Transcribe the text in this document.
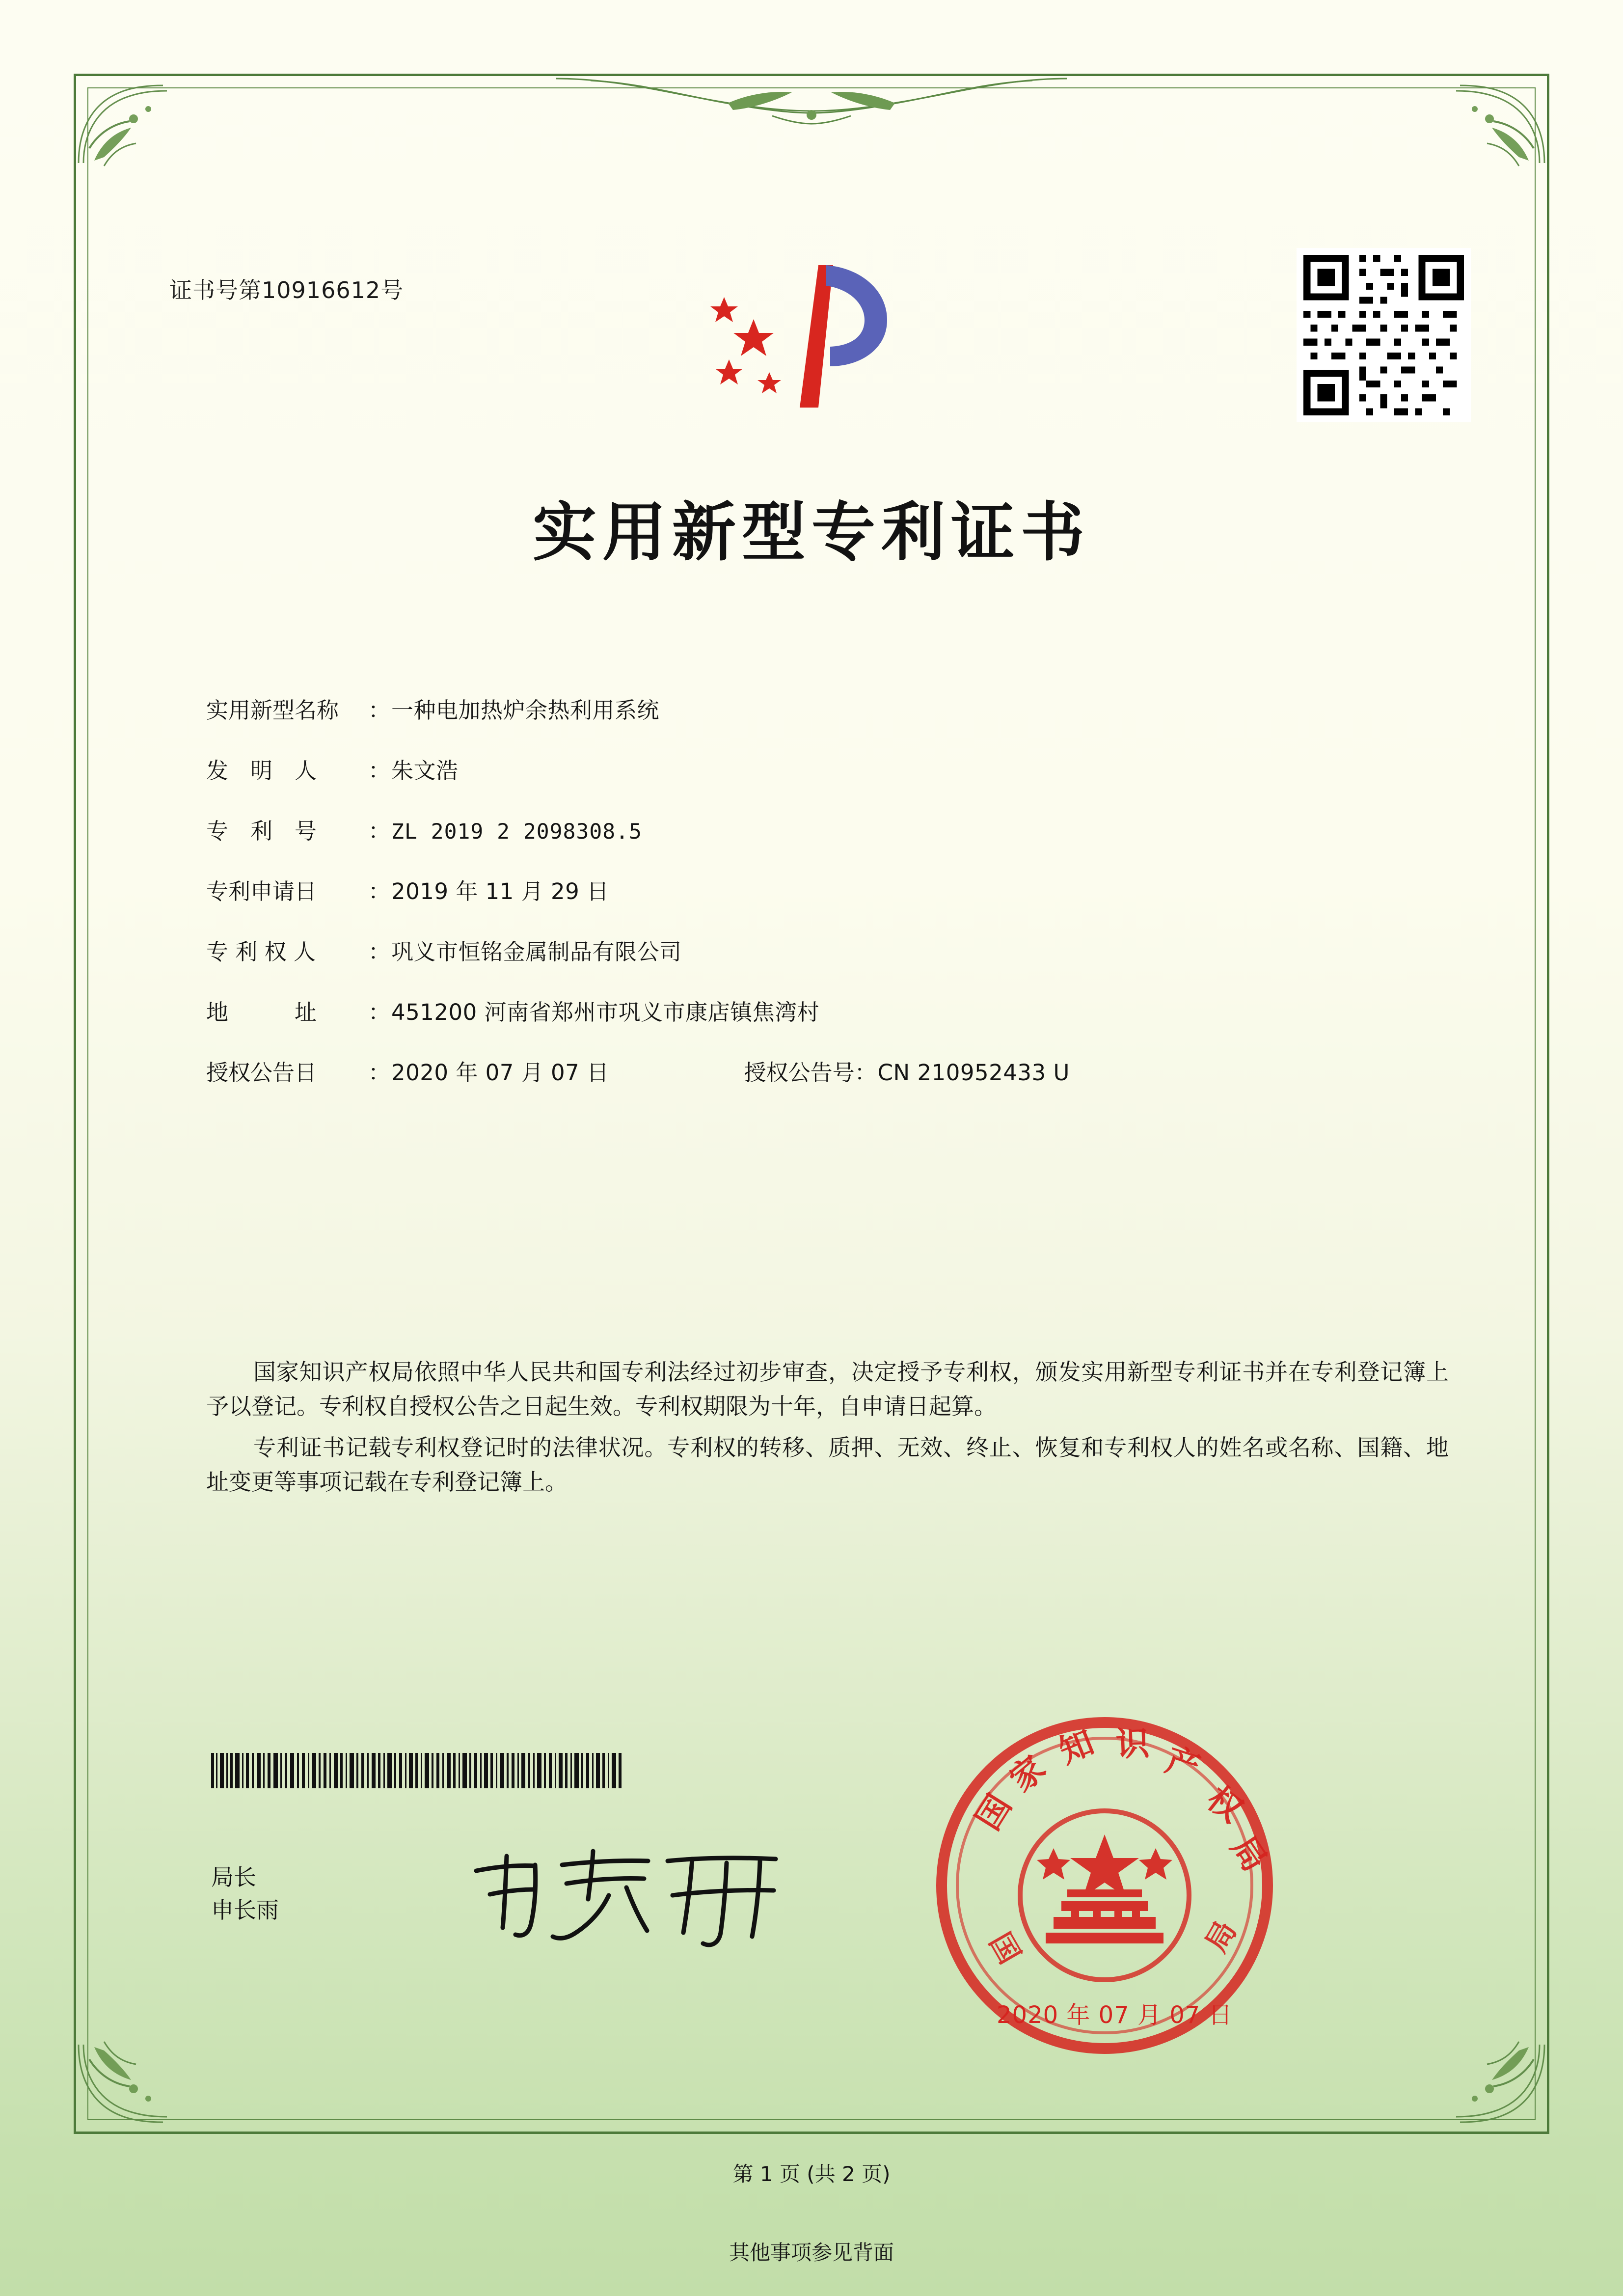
证书号第10916612号
实用新型专利证书
实用新型名称	： 一种电加热炉余热利用系统
发　明　人	： 朱文浩
专　利　号	： ZL 2019 2 2098308.5
专利申请日	： 2019 年 11 月 29 日
专 利 权 人	： 巩义市恒铭金属制品有限公司
地　　　址	： 451200 河南省郑州市巩义市康店镇焦湾村
授权公告日	： 2020 年 07 月 07 日	授权公告号 ： CN 210952433 U

国家知识产权局依照中华人民共和国专利法经过初步审查，决定授予专利权，颁发实用新型专利证书并在专利登记簿上予以登记。专利权自授权公告之日起生效。专利权期限为十年，自申请日起算。

专利证书记载专利权登记时的法律状况。专利权的转移、质押、无效、终止、恢复和专利权人的姓名或名称、国籍、地址变更等事项记载在专利登记簿上。

局长
申长雨
国
家
知 识 产
权
局
国	局
2020 年 07 月 07 日
第 1 页 (共 2 页)
其他事项参见背面
